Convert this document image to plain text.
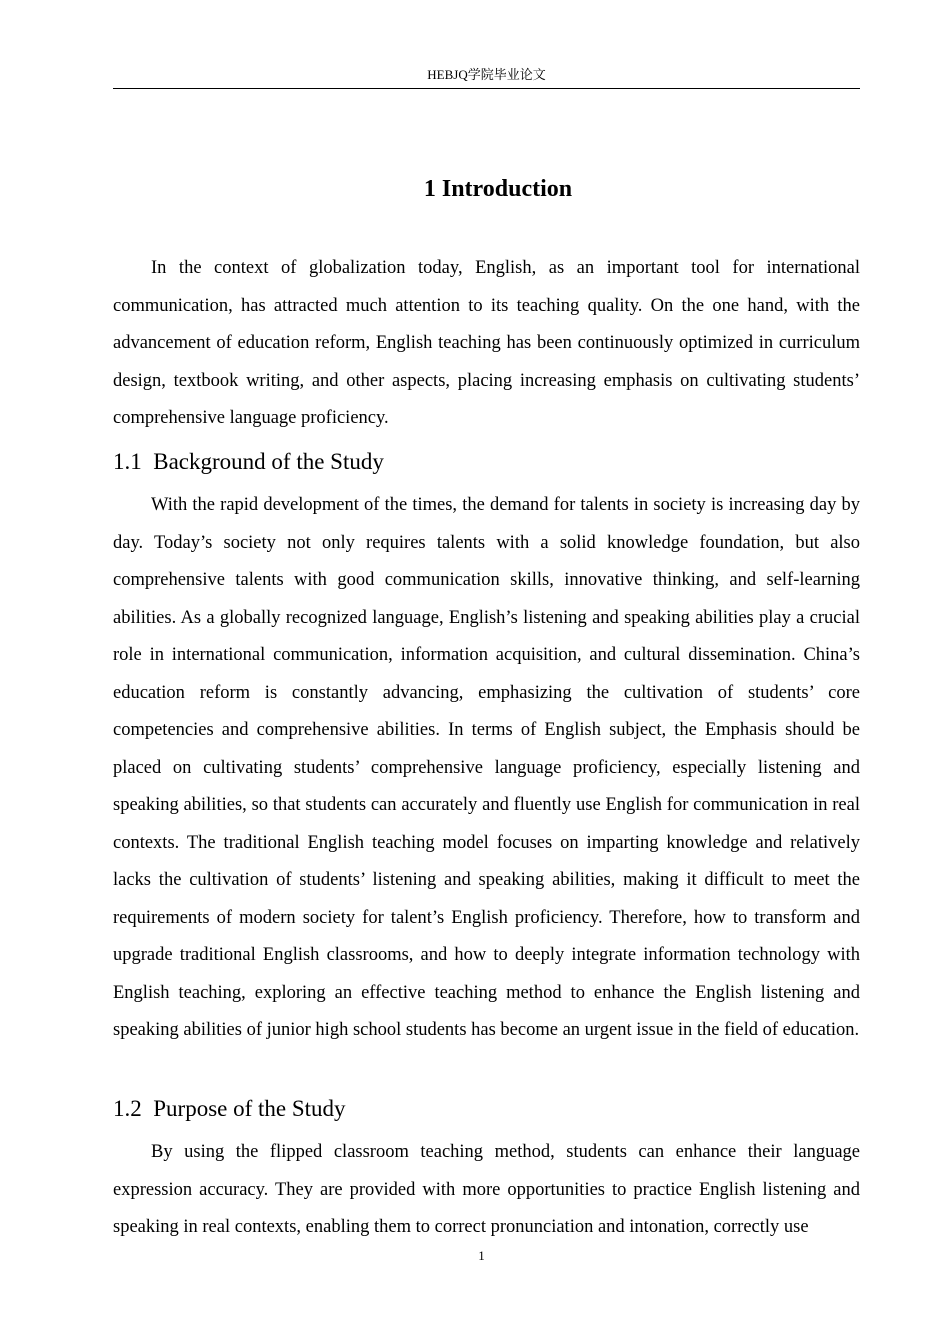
HEBJQ学院毕业论文
1 Introduction

In the context of globalization today, English, as an important tool for international communication, has attracted much attention to its teaching quality. On the one hand, with the advancement of education reform, English teaching has been continuously optimized in curriculum design, textbook writing, and other aspects, placing increasing emphasis on cultivating students’ comprehensive language proficiency.

1.1 Background of the Study

With the rapid development of the times, the demand for talents in society is increasing day by day. Today’s society not only requires talents with a solid knowledge foundation, but also comprehensive talents with good communication skills, innovative thinking, and self-learning abilities. As a globally recognized language, English’s listening and speaking abilities play a crucial role in international communication, information acquisition, and cultural dissemination. China’s education reform is constantly advancing, emphasizing the cultivation of students’ core competencies and comprehensive abilities. In terms of English subject, the Emphasis should be placed on cultivating students’ comprehensive language proficiency, especially listening and speaking abilities, so that students can accurately and fluently use English for communication in real contexts. The traditional English teaching model focuses on imparting knowledge and relatively lacks the cultivation of students’ listening and speaking abilities, making it difficult to meet the requirements of modern society for talent’s English proficiency. Therefore, how to transform and upgrade traditional English classrooms, and how to deeply integrate information technology with English teaching, exploring an effective teaching method to enhance the English listening and speaking abilities of junior high school students has become an urgent issue in the field of education.

1.2 Purpose of the Study

By using the flipped classroom teaching method, students can enhance their language expression accuracy. They are provided with more opportunities to practice English listening and speaking in real contexts, enabling them to correct pronunciation and intonation, correctly use

1
